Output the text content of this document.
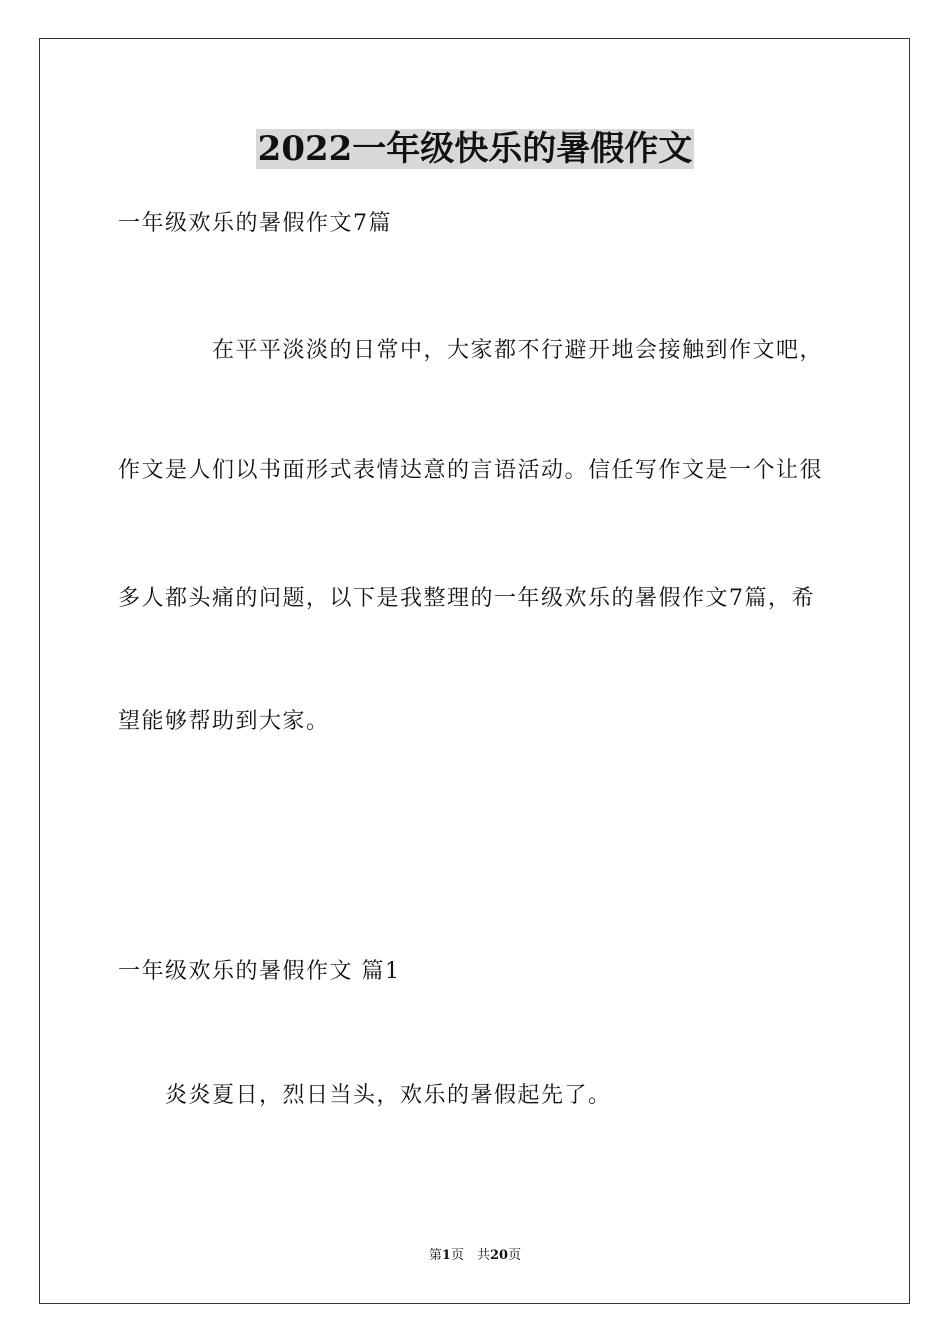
2022一年级快乐的暑假作文
一年级欢乐的暑假作文7篇
在平平淡淡的日常中，大家都不行避开地会接触到作文吧，
作文是人们以书面形式表情达意的言语活动。信任写作文是一个让很
多人都头痛的问题，以下是我整理的一年级欢乐的暑假作文7篇，希
望能够帮助到大家。
一年级欢乐的暑假作文 篇1
炎炎夏日，烈日当头，欢乐的暑假起先了。
第1页　共20页
